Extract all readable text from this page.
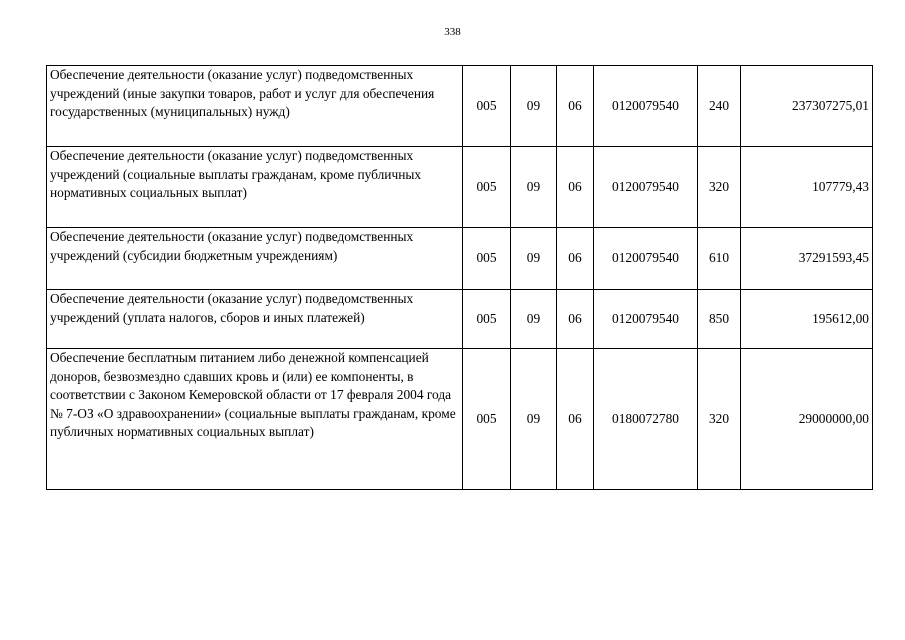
338
Обеспечение деятельности (оказание услуг) подведомственных учреждений (иные закупки товаров, работ и услуг для обеспечения государственных (муниципальных) нужд)	005	09	06	0120079540	240	237307275,01
Обеспечение деятельности (оказание услуг) подведомственных учреждений (социальные выплаты гражданам, кроме публичных нормативных социальных выплат)	005	09	06	0120079540	320	107779,43
Обеспечение деятельности (оказание услуг) подведомственных учреждений (субсидии бюджетным учреждениям)	005	09	06	0120079540	610	37291593,45
Обеспечение деятельности (оказание услуг) подведомственных учреждений (уплата налогов, сборов и иных платежей)	005	09	06	0120079540	850	195612,00
Обеспечение бесплатным питанием либо денежной компенсацией доноров, безвозмездно сдавших кровь и (или) ее компоненты, в соответствии с Законом Кемеровской области от 17 февраля 2004 года № 7-ОЗ «О здравоохранении» (социальные выплаты гражданам, кроме публичных нормативных социальных выплат)	005	09	06	0180072780	320	29000000,00
